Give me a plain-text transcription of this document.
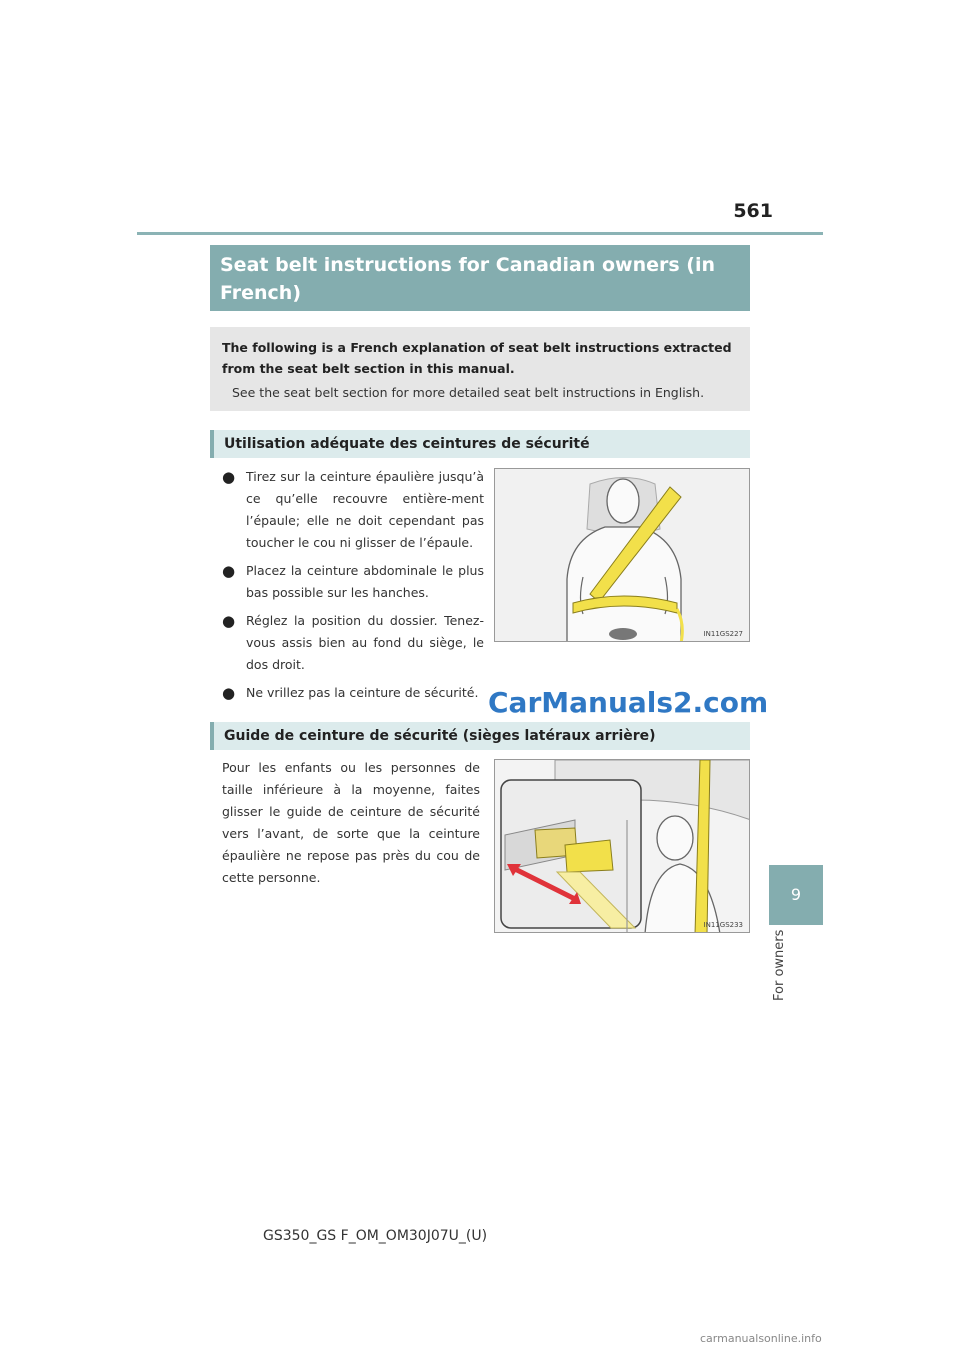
561
9
For owners
Seat belt instructions for Canadian owners (in French)
The following is a French explanation of seat belt instructions extracted from the seat belt section in this manual.
See the seat belt section for more detailed seat belt instructions in English.
Utilisation adéquate des ceintures de sécurité
● Tirez sur la ceinture épaulière jusqu’à ce qu’elle recouvre entière-ment l’épaule; elle ne doit cependant pas toucher le cou ni glisser de l’épaule.
● Placez la ceinture abdominale le plus bas possible sur les hanches.
● Réglez la position du dossier. Tenez-vous assis bien au fond du siège, le dos droit.
● Ne vrillez pas la ceinture de sécurité.
IN11GS227
CarManuals2.com
Guide de ceinture de sécurité (sièges latéraux arrière)
Pour les enfants ou les personnes de taille inférieure à la moyenne, faites glisser le guide de ceinture de sécurité vers l’avant, de sorte que la ceinture épaulière ne repose pas près du cou de cette personne.
IN11GS233
GS350_GS F_OM_OM30J07U_(U)
carmanualsonline.info
